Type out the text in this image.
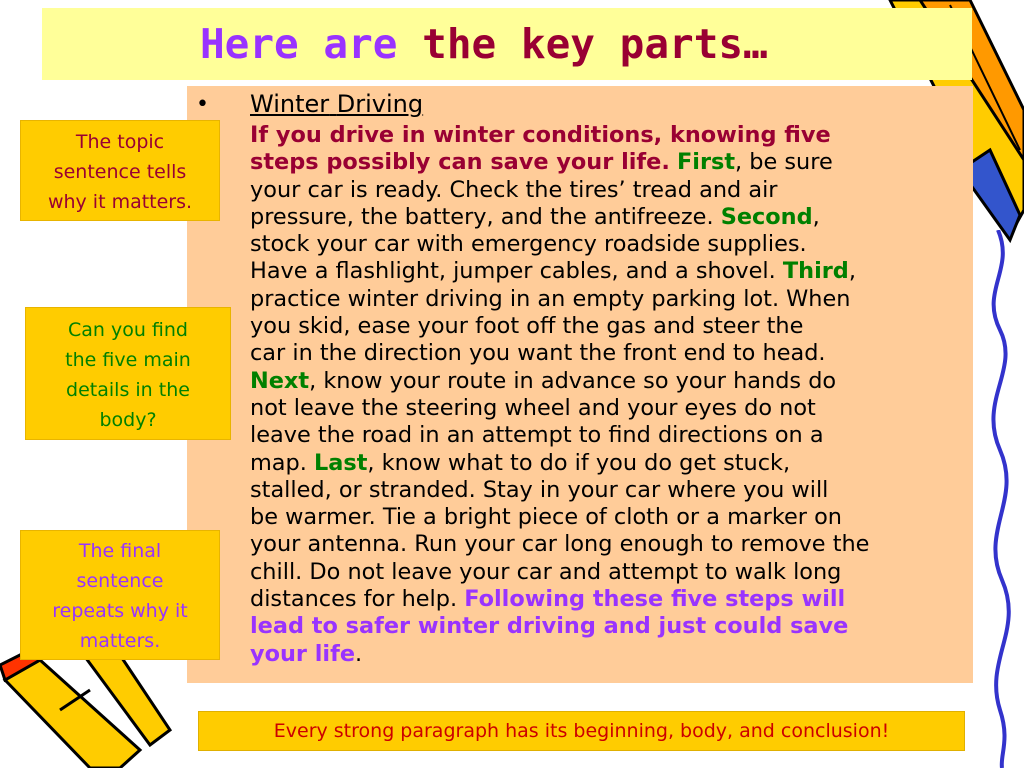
Here are the key parts…
• Winter Driving

If you drive in winter conditions, knowing five
steps possibly can save your life. First, be sure
your car is ready. Check the tires’ tread and air
pressure, the battery, and the antifreeze. Second,
stock your car with emergency roadside supplies.
Have a flashlight, jumper cables, and a shovel. Third,
practice winter driving in an empty parking lot. When
you skid, ease your foot off the gas and steer the
car in the direction you want the front end to head.
Next, know your route in advance so your hands do
not leave the steering wheel and your eyes do not
leave the road in an attempt to find directions on a
map. Last, know what to do if you do get stuck,
stalled, or stranded. Stay in your car where you will
be warmer. Tie a bright piece of cloth or a marker on
your antenna. Run your car long enough to remove the
chill. Do not leave your car and attempt to walk long
distances for help. Following these five steps will
lead to safer winter driving and just could save
your life.

The topic
sentence tells
why it matters.
Can you find
the five main
details in the
body?
The final
sentence
repeats why it
matters.
Every strong paragraph has its beginning, body, and conclusion!
